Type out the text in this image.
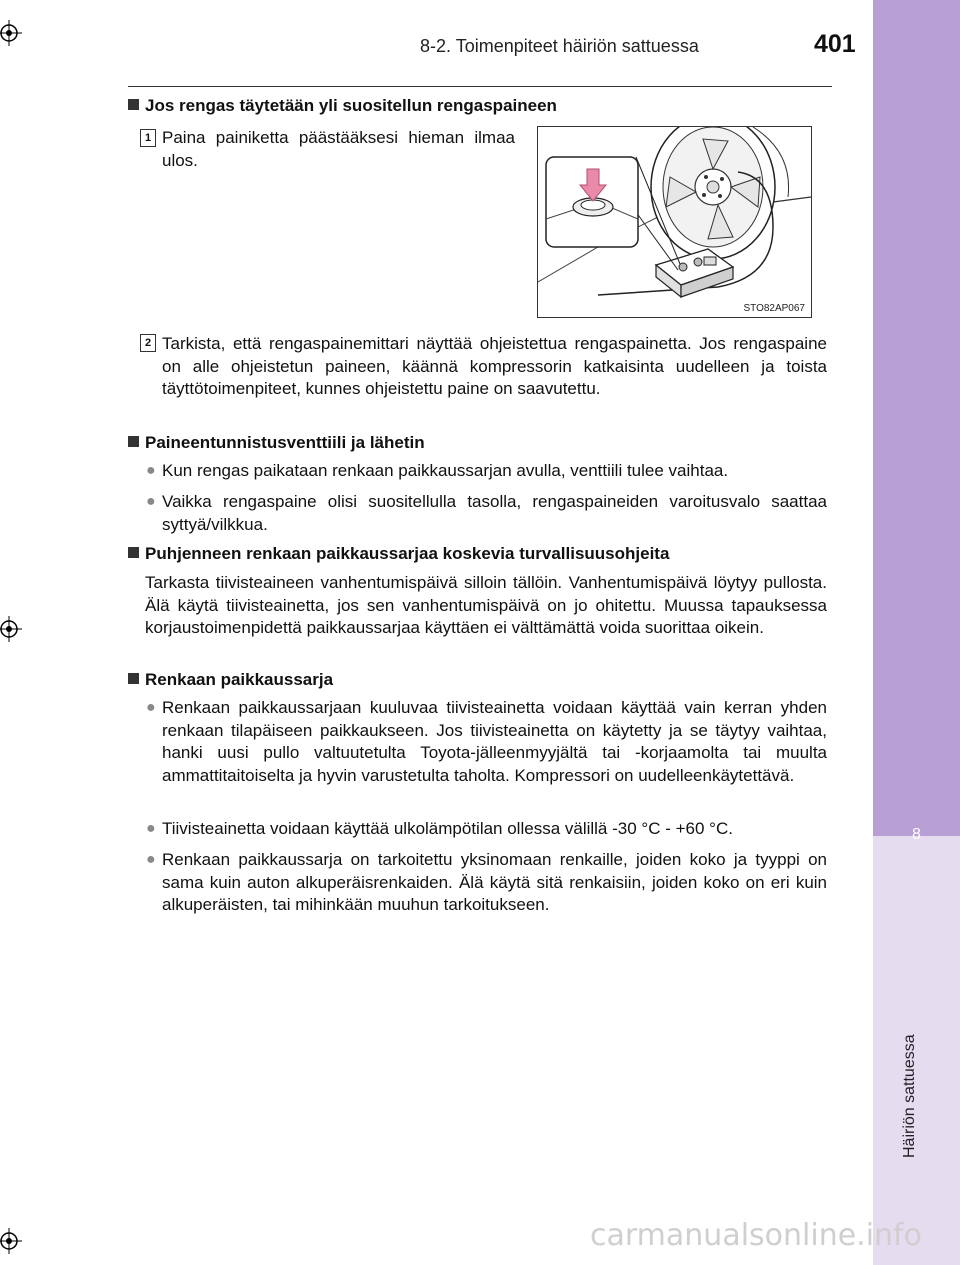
8
Häiriön sattuessa
8-2. Toimenpiteet häiriön sattuessa	401
Jos rengas täytetään yli suositellun rengaspaineen
1 Paina painiketta päästääksesi hieman ilmaa ulos.
STO82AP067
2 Tarkista, että rengaspainemittari näyttää ohjeistettua rengaspainetta. Jos rengaspaine on alle ohjeistetun paineen, käännä kompressorin katkaisinta uudelleen ja toista täyttötoimenpiteet, kunnes ohjeistettu paine on saavutettu.
Paineentunnistusventtiili ja lähetin
● Kun rengas paikataan renkaan paikkaussarjan avulla, venttiili tulee vaihtaa.
● Vaikka rengaspaine olisi suositellulla tasolla, rengaspaineiden varoitusvalo saattaa syttyä/vilkkua.
Puhjenneen renkaan paikkaussarjaa koskevia turvallisuusohjeita
Tarkasta tiivisteaineen vanhentumispäivä silloin tällöin. Vanhentumispäivä löytyy pullosta. Älä käytä tiivisteainetta, jos sen vanhentumispäivä on jo ohitettu. Muussa tapauksessa korjaustoimenpidettä paikkaussarjaa käyttäen ei välttämättä voida suorittaa oikein.
Renkaan paikkaussarja
● Renkaan paikkaussarjaan kuuluvaa tiivisteainetta voidaan käyttää vain kerran yhden renkaan tilapäiseen paikkaukseen. Jos tiivisteainetta on käytetty ja se täytyy vaihtaa, hanki uusi pullo valtuutetulta Toyota-jälleenmyyjältä tai -korjaamolta tai muulta ammattitaitoiselta ja hyvin varustetulta taholta. Kompressori on uudelleenkäytettävä.
● Tiivisteainetta voidaan käyttää ulkolämpötilan ollessa välillä -30 °C - +60 °C.
● Renkaan paikkaussarja on tarkoitettu yksinomaan renkaille, joiden koko ja tyyppi on sama kuin auton alkuperäisrenkaiden. Älä käytä sitä renkaisiin, joiden koko on eri kuin alkuperäisten, tai mihinkään muuhun tarkoitukseen.
carmanualsonline.info
